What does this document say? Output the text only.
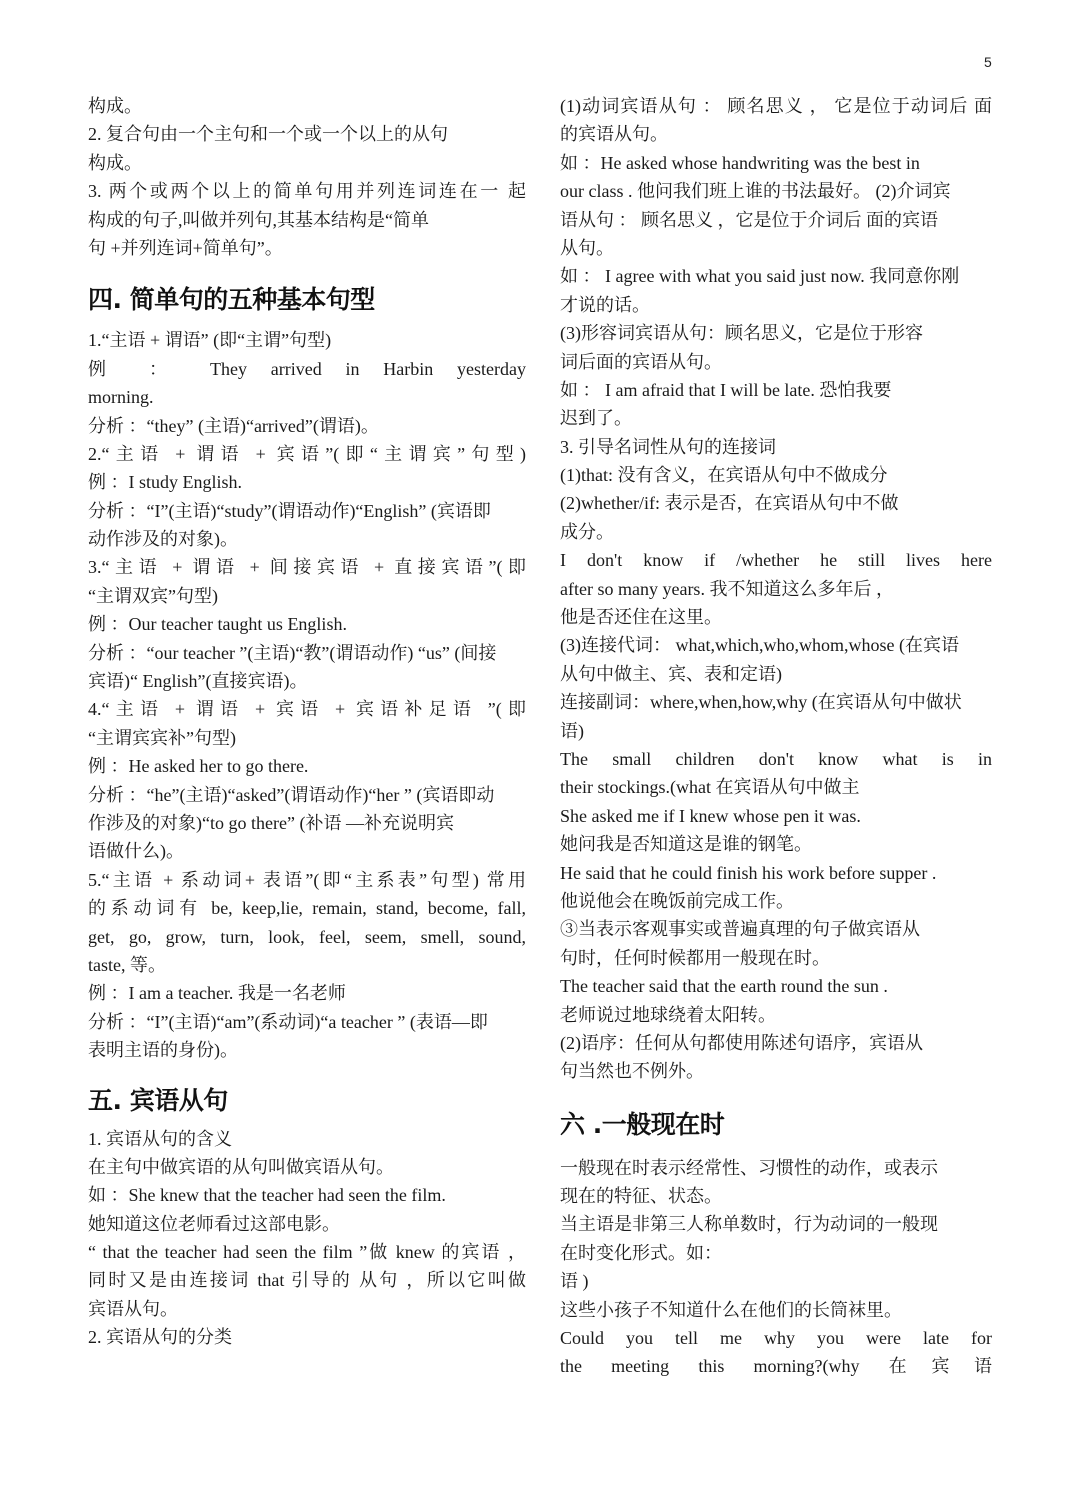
5
构成。
2. 复合句由一个主句和一个或一个以上的从句
构成。
3. 两个或两个以上的简单句用并列连词连在一 起
构成的句子,叫做并列句,其基本结构是“简单
句 +并列连词+简单句”。
四. 简单句的五种基本句型
1.“主语 + 谓语” (即“主谓”句型)
例 ： They arrived in Harbin yesterday
morning.
分析 ：“they” (主语)“arrived”(谓语)。
2.“主语 + 谓语 + 宾语”(即“主谓宾”句型)
例 ：I study English.
分析 ：“I”(主语)“study”(谓语动作)“English” (宾语即
动作涉及的对象)。
3.“主语 + 谓语 + 间接宾语 + 直接宾语”(即
“主谓双宾”句型)
例 ：Our teacher taught us English.
分析 ：“our teacher ”(主语)“教”(谓语动作) “us” (间接
宾语)“ English”(直接宾语)。
4.“主语 + 谓语 + 宾语 + 宾语补足语 ”(即
“主谓宾宾补”句型)
例 ：He asked her to go there.
分析 ：“he”(主语)“asked”(谓语动作)“her ” (宾语即动
作涉及的对象)“to go there” (补语 —补充说明宾
语做什么)。
5.“主语 + 系动词+ 表语”(即“主系表”句型) 常用
的系动词有 be, keep,lie, remain, stand, become, fall,
get, go, grow, turn, look, feel, seem, smell, sound,
taste, 等。
例 ：I am a teacher. 我是一名老师
分析 ：“I”(主语)“am”(系动词)“a teacher ” (表语—即
表明主语的身份)。
五. 宾语从句
1. 宾语从句的含义
在主句中做宾语的从句叫做宾语从句。
如 ：She knew that the teacher had seen the film.
她知道这位老师看过这部电影。
“ that the teacher had seen the film ”做 knew 的宾语 ，
同时又是由连接词 that 引导的 从句 ，所以它叫做
宾语从句。
2. 宾语从句的分类
(1)动词宾语从句 ： 顾名思义 ， 它是位于动词后 面
的宾语从句。
如 ：He asked whose handwriting was the best in
our class . 他问我们班上谁的书法最好。 (2)介词宾
语从句 ： 顾名思义 ，它是位于介词后 面的宾语
从句。
如 ： I agree with what you said just now. 我同意你刚
才说的话。
(3)形容词宾语从句：顾名思义，它是位于形容
词后面的宾语从句。
如 ： I am afraid that I will be late. 恐怕我要
迟到了。
3. 引导名词性从句的连接词
(1)that: 没有含义，在宾语从句中不做成分
(2)whether/if: 表示是否，在宾语从句中不做
成分。
I don't know if /whether he still lives here
after so many years. 我不知道这么多年后 ，
他是否还住在这里。
(3)连接代词： what,which,who,whom,whose (在宾语
从句中做主、宾、表和定语)
连接副词：where,when,how,why (在宾语从句中做状
语)
The small children don't know what is in
their stockings.(what 在宾语从句中做主
She asked me if I knew whose pen it was.
她问我是否知道这是谁的钢笔。
He said that he could finish his work before supper .
他说他会在晚饭前完成工作。
③当表示客观事实或普遍真理的句子做宾语从
句时，任何时候都用一般现在时。
The teacher said that the earth round the sun .
老师说过地球绕着太阳转。
(2)语序：任何从句都使用陈述句语序，宾语从
句当然也不例外。
六 .一般现在时
一般现在时表示经常性、习惯性的动作，或表示
现在的特征、状态。
当主语是非第三人称单数时，行为动词的一般现
在时变化形式。如：
语 )
这些小孩子不知道什么在他们的长筒袜里。
Could you tell me why you were late for
the meeting this morning?(why 在宾语
